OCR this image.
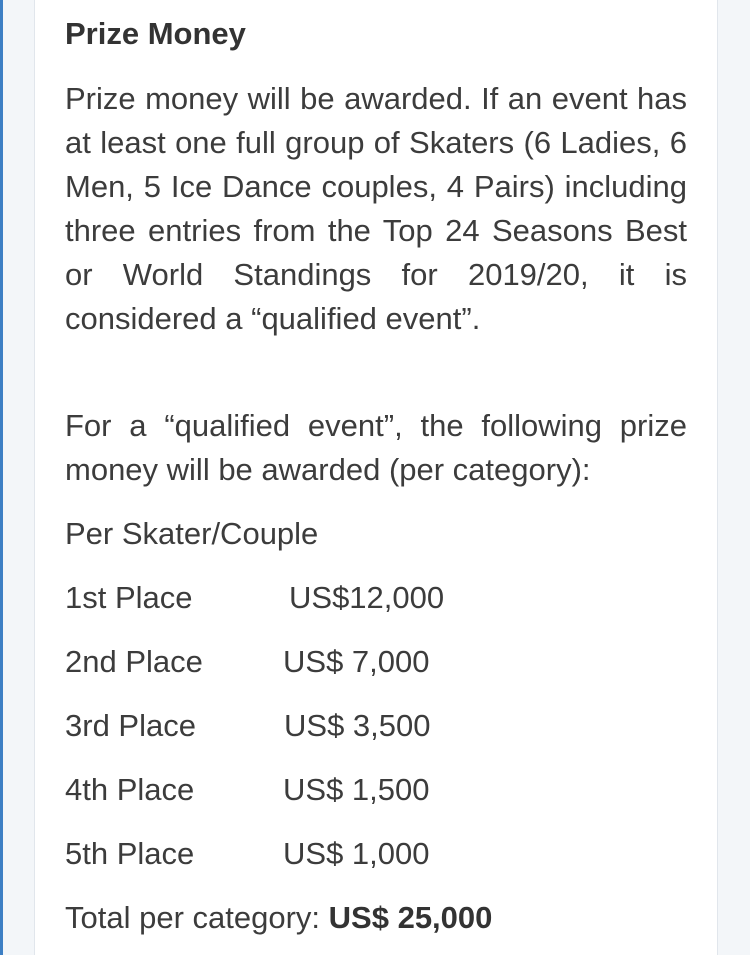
Prize Money
Prize money will be awarded. If an event has at least one full group of Skaters (6 Ladies, 6 Men, 5 Ice Dance couples, 4 Pairs) including three entries from the Top 24 Seasons Best or World Standings for 2019/20, it is considered a “qualified event”.
For a “qualified event”, the following prize money will be awarded (per category):
Per Skater/Couple
1st Place	US$12,000
2nd Place	US$ 7,000
3rd Place	US$ 3,500
4th Place	US$ 1,500
5th Place	US$ 1,000
Total per category: US$ 25,000
